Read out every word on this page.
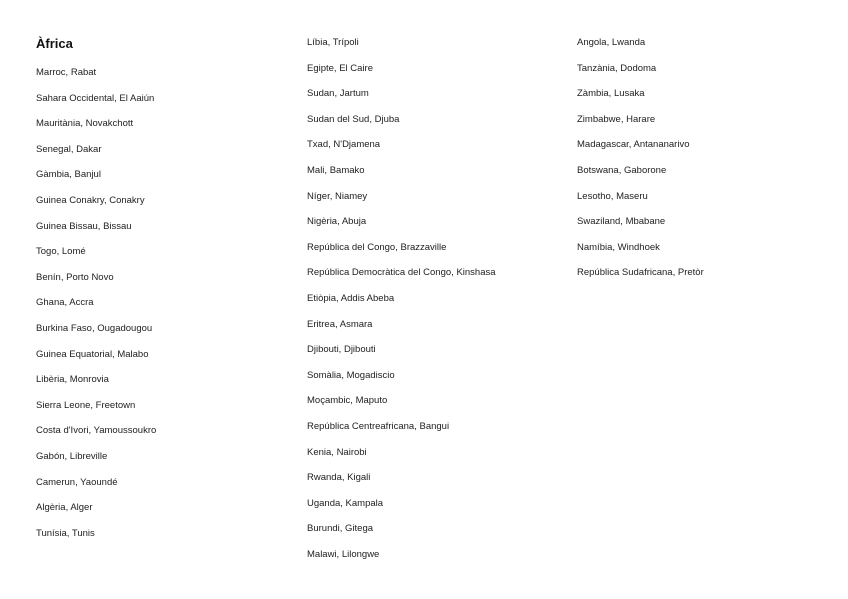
Àfrica
Marroc, Rabat
Sahara Occidental, El Aaiún
Mauritània, Novakchott
Senegal, Dakar
Gàmbia, Banjul
Guinea Conakry, Conakry
Guinea Bissau, Bissau
Togo, Lomé
Benín, Porto Novo
Ghana, Accra
Burkina Faso, Ougadougou
Guinea Equatorial, Malabo
Libèria, Monrovia
Sierra Leone, Freetown
Costa d'Ivori, Yamoussoukro
Gabón, Libreville
Camerun, Yaoundé
Algèria, Alger
Tunísia, Tunis
Líbia, Trípoli
Egipte, El Caire
Sudan, Jartum
Sudan del Sud, Djuba
Txad, N'Djamena
Mali, Bamako
Níger, Niamey
Nigèria, Abuja
República del Congo, Brazzaville
República Democràtica del Congo, Kinshasa
Etiòpia, Addis Abeba
Eritrea, Asmara
Djibouti, Djibouti
Somàlia, Mogadiscio
Moçambic, Maputo
República Centreafricana, Bangui
Kenia, Nairobi
Rwanda, Kigali
Uganda, Kampala
Burundi, Gitega
Malawi, Lilongwe
Angola, Lwanda
Tanzània, Dodoma
Zàmbia, Lusaka
Zimbabwe, Harare
Madagascar, Antananarivo
Botswana, Gaborone
Lesotho, Maseru
Swaziland, Mbabane
Namíbia, Windhoek
República Sudafricana, Pretòr
